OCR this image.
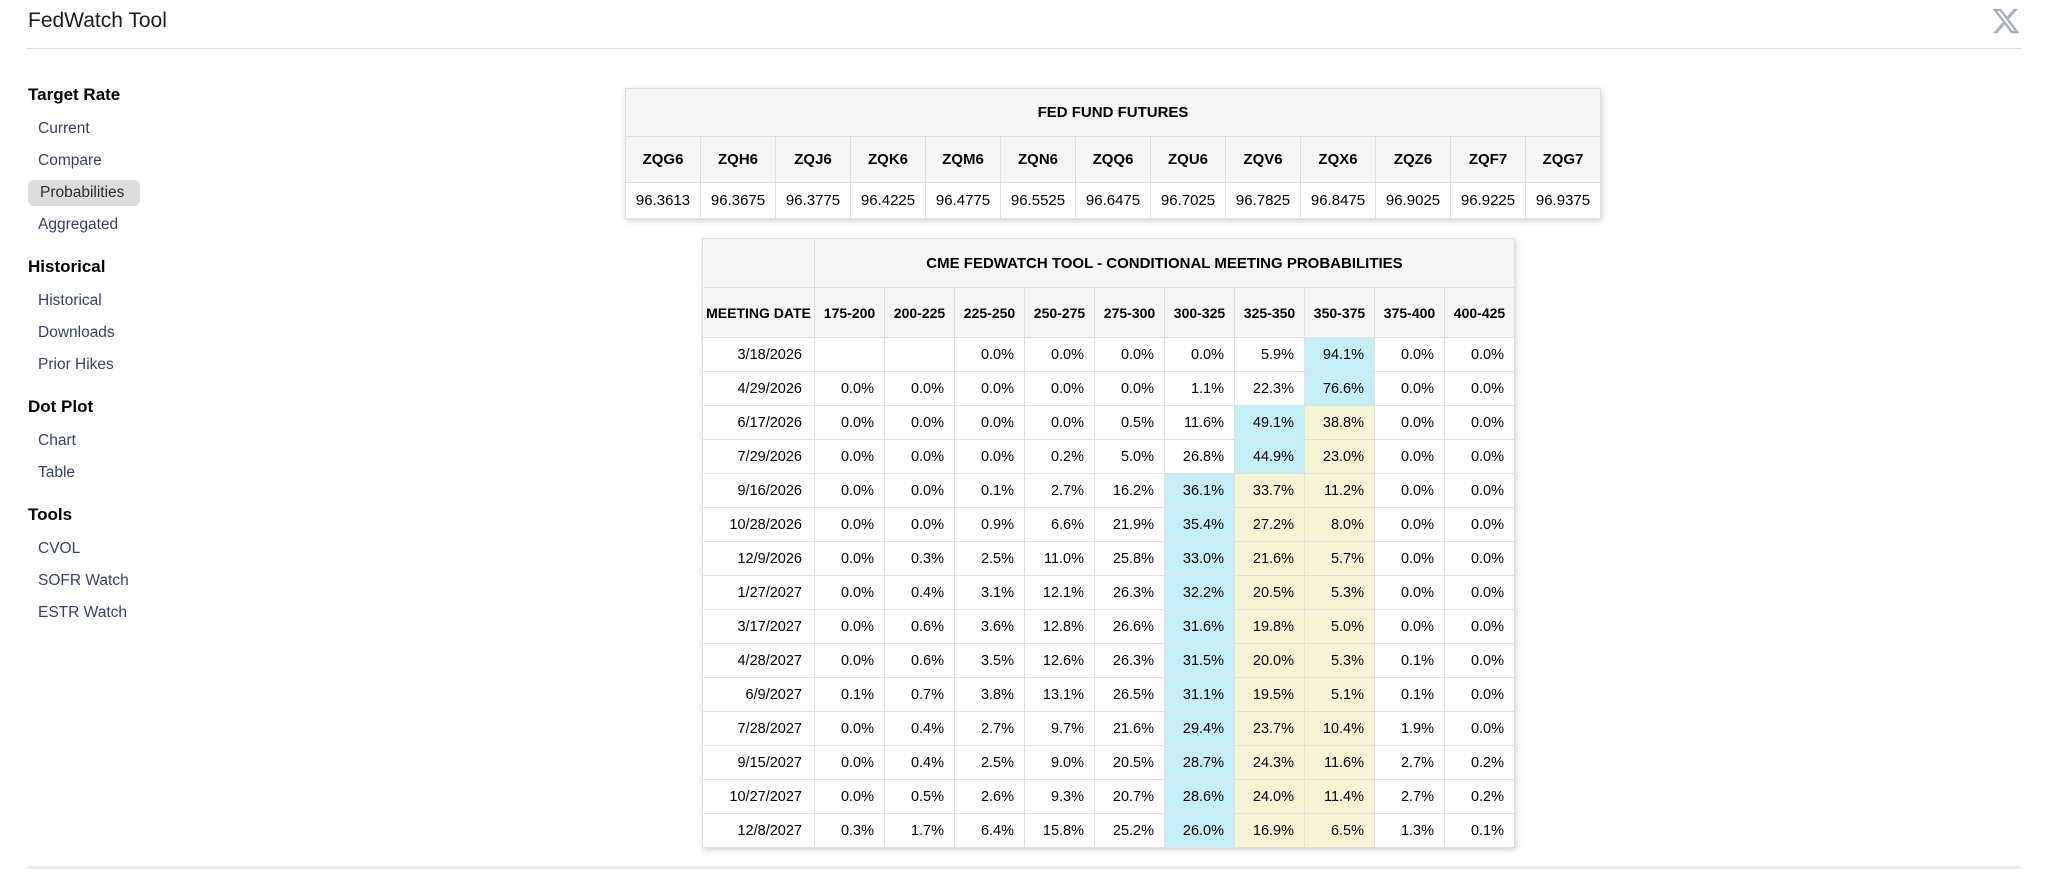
FedWatch Tool
Target Rate
Current
Compare
Probabilities
Aggregated
Historical
Historical
Downloads
Prior Hikes
Dot Plot
Chart
Table
Tools
CVOL
SOFR Watch
ESTR Watch
FED FUND FUTURES												
ZQG6	ZQH6	ZQJ6	ZQK6	ZQM6	ZQN6	ZQQ6	ZQU6	ZQV6	ZQX6	ZQZ6	ZQF7	ZQG7
96.3613	96.3675	96.3775	96.4225	96.4775	96.5525	96.6475	96.7025	96.7825	96.8475	96.9025	96.9225	96.9375
	CME FEDWATCH TOOL - CONDITIONAL MEETING PROBABILITIES									
MEETING DATE	175-200	200-225	225-250	250-275	275-300	300-325	325-350	350-375	375-400	400-425
3/18/2026			0.0%	0.0%	0.0%	0.0%	5.9%	94.1%	0.0%	0.0%
4/29/2026	0.0%	0.0%	0.0%	0.0%	0.0%	1.1%	22.3%	76.6%	0.0%	0.0%
6/17/2026	0.0%	0.0%	0.0%	0.0%	0.5%	11.6%	49.1%	38.8%	0.0%	0.0%
7/29/2026	0.0%	0.0%	0.0%	0.2%	5.0%	26.8%	44.9%	23.0%	0.0%	0.0%
9/16/2026	0.0%	0.0%	0.1%	2.7%	16.2%	36.1%	33.7%	11.2%	0.0%	0.0%
10/28/2026	0.0%	0.0%	0.9%	6.6%	21.9%	35.4%	27.2%	8.0%	0.0%	0.0%
12/9/2026	0.0%	0.3%	2.5%	11.0%	25.8%	33.0%	21.6%	5.7%	0.0%	0.0%
1/27/2027	0.0%	0.4%	3.1%	12.1%	26.3%	32.2%	20.5%	5.3%	0.0%	0.0%
3/17/2027	0.0%	0.6%	3.6%	12.8%	26.6%	31.6%	19.8%	5.0%	0.0%	0.0%
4/28/2027	0.0%	0.6%	3.5%	12.6%	26.3%	31.5%	20.0%	5.3%	0.1%	0.0%
6/9/2027	0.1%	0.7%	3.8%	13.1%	26.5%	31.1%	19.5%	5.1%	0.1%	0.0%
7/28/2027	0.0%	0.4%	2.7%	9.7%	21.6%	29.4%	23.7%	10.4%	1.9%	0.0%
9/15/2027	0.0%	0.4%	2.5%	9.0%	20.5%	28.7%	24.3%	11.6%	2.7%	0.2%
10/27/2027	0.0%	0.5%	2.6%	9.3%	20.7%	28.6%	24.0%	11.4%	2.7%	0.2%
12/8/2027	0.3%	1.7%	6.4%	15.8%	25.2%	26.0%	16.9%	6.5%	1.3%	0.1%
